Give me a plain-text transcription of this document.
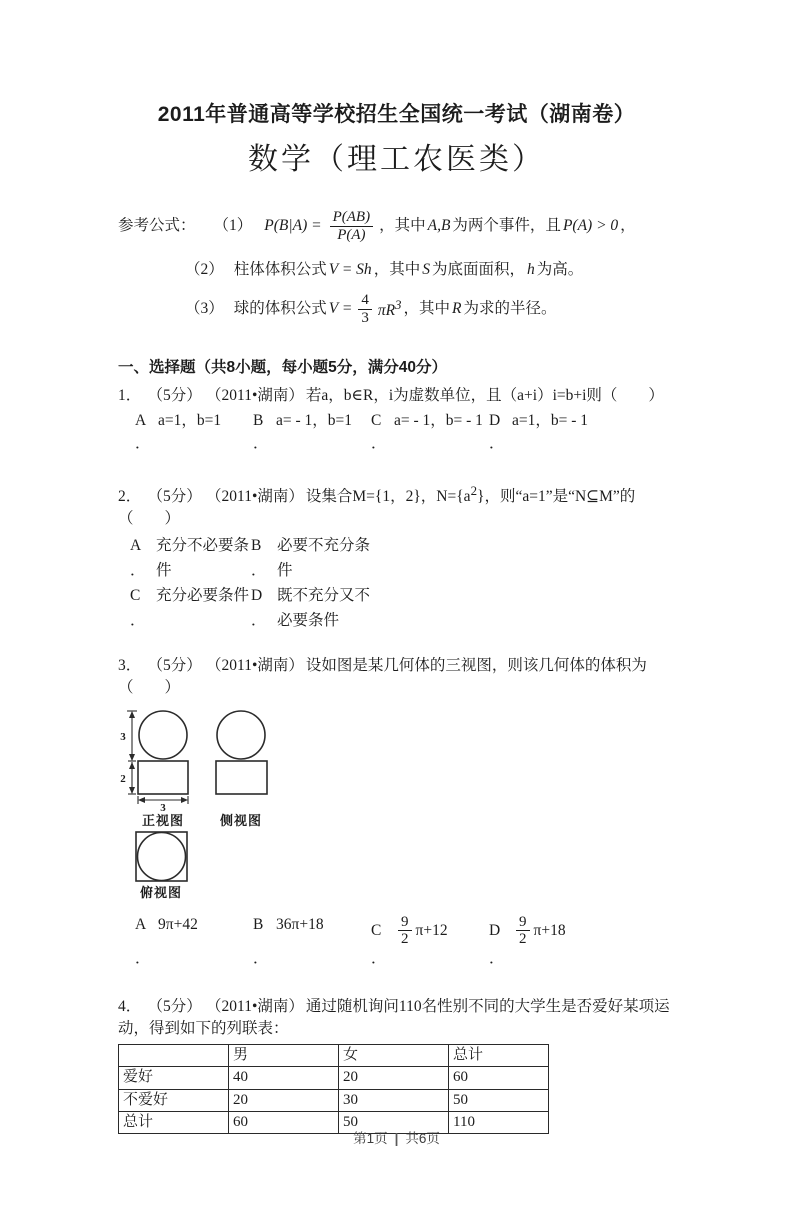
2011年普通高等学校招生全国统一考试（湖南卷）
数学（理工农医类）
参考公式： （1） $P(B|A) = \frac{P(AB)}{P(A)}$ ，其中 A,B 为两个事件，且 P(A) > 0 ，
（2） 柱体体积公式 V = Sh ，其中 S 为底面面积， h 为高。
（3） 球的体积公式 $V = \frac{4}{3} \pi R^3$ ，其中 R 为求的半径。
一、选择题（共8小题，每小题5分，满分40分）
1． （5分） （2011•湖南） 若a，b∈R，i为虚数单位，且（a+i）i=b+i则（　　）
A a=1，b=1
．
B a= - 1，b=1
．
C a= - 1，b= - 1
．
D a=1，b= - 1
．
2． （5分） （2011•湖南） 设集合M={1，2}，$N=\{a^2\}$，则“a=1”是“N⊆M”的（　　）
A 充分不必要条
． 件
B	必要不充分条
． 件
C	充分必要条件
．
D 既不充分又不
． 必要条件
3． （5分） （2011•湖南） 设如图是某几何体的三视图，则该几何体的体积为（　　）
3
2
3
正视图	侧视图
俯视图
A 9π+42
．
B 36π+18
．
C	$\frac{9}{2} \pi+12$
．
D	$\frac{9}{2} \pi+18$
．
4． （5分） （2011•湖南） 通过随机询问110名性别不同的大学生是否爱好某项运动，得到如下的列联表：
	男	女	总计
爱好	40	20	60
不爱好	20	30	50
总计	60	50	110
第1页 | 共6页
